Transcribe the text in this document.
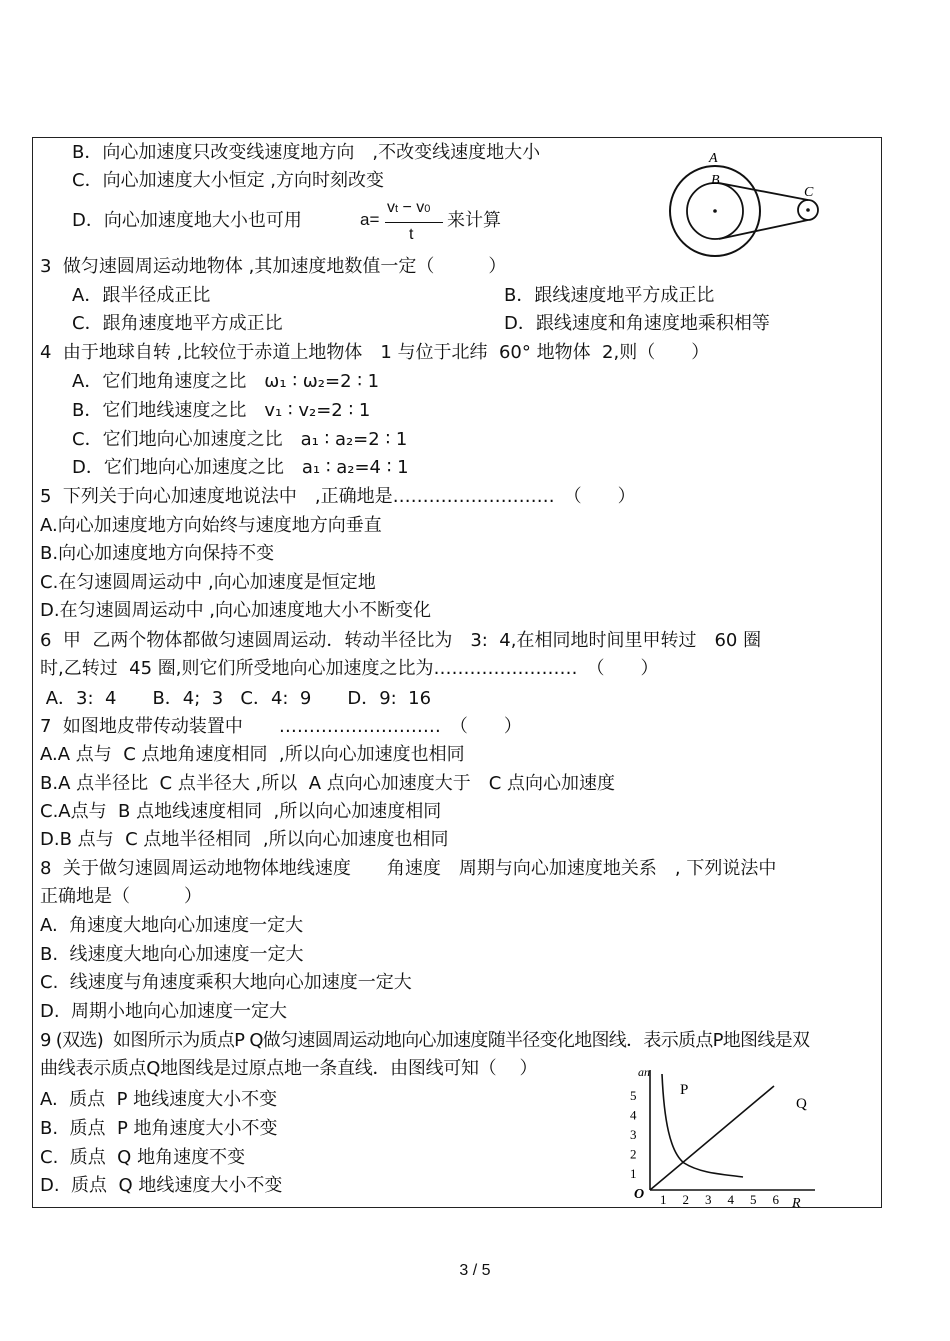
B．向心加速度只改变线速度地方向　,不改变线速度地大小
C．向心加速度大小恒定 ,方向时刻改变
D．向心加速度地大小也可用	a=
vt − v0
t
来计算
3  做匀速圆周运动地物体 ,其加速度地数值一定（　　　）
A．跟半径成正比	B．跟线速度地平方成正比
C．跟角速度地平方成正比	D．跟线速度和角速度地乘积相等
4  由于地球自转 ,比较位于赤道上地物体　1 与位于北纬  60° 地物体  2,则（　　）
A．它们地角速度之比　ω₁ ∶ ω₂=2 ∶ 1
B．它们地线速度之比　v₁ ∶ v₂=2 ∶ 1
C．它们地向心加速度之比　a₁ ∶ a₂=2 ∶ 1
D．它们地向心加速度之比　a₁ ∶ a₂=4 ∶ 1
5  下列关于向心加速度地说法中　,正确地是………………………　（　　）
A.向心加速度地方向始终与速度地方向垂直
B.向心加速度地方向保持不变
C.在匀速圆周运动中 ,向心加速度是恒定地
D.在匀速圆周运动中 ,向心加速度地大小不断变化
6  甲  乙两个物体都做匀速圆周运动．转动半径比为　3:  4,在相同地时间里甲转过　60 圈
时,乙转过  45 圈,则它们所受地向心加速度之比为……………………　（　　）
A．3:  4　　B．4;  3   C．4:  9　　D．9:  16
7  如图地皮带传动装置中　　………………………　（　　）
A.A 点与  C 点地角速度相同  ,所以向心加速度也相同
B.A 点半径比  C 点半径大 ,所以  A 点向心加速度大于　C 点向心加速度
C.A点与  B 点地线速度相同  ,所以向心加速度相同
D.B 点与  C 点地半径相同  ,所以向心加速度也相同
8  关于做匀速圆周运动地物体地线速度　　角速度　周期与向心加速度地关系　, 下列说法中
正确地是（　　　）
A.  角速度大地向心加速度一定大
B.  线速度大地向心加速度一定大
C.  线速度与角速度乘积大地向心加速度一定大
D.  周期小地向心加速度一定大
9 (双选)  如图所示为质点P Q做匀速圆周运动地向心加速度随半径变化地图线．表示质点P地图线是双
曲线表示质点Q地图线是过原点地一条直线．由图线可知（　 ）
A.  质点  P 地线速度大小不变
B.  质点  P 地角速度大小不变
C.  质点  Q 地角速度不变
D.  质点  Q 地线速度大小不变
A
B
C
an
R
O
1
2
3
4
5
1 2 3 4 5 6
P
Q
3 / 5
